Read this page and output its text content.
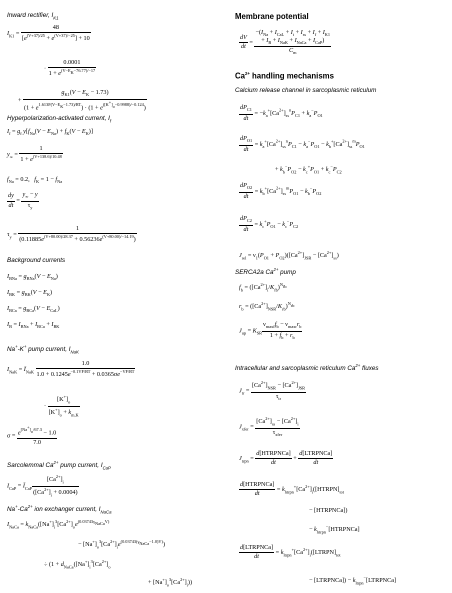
Inward rectifier, $I_{K1}$
$I_{K1} = \frac{48}{[e^{(V+37)/25} + e^{(V+37)/-25}] + 10}$
· $\frac{0.0001}{1 + e^{(V-E_K-76.77)/-17}}$
+ $\frac{g_{K1}(V - E_K - 1.73)}{(1 + e^{1.613F(V-E_K-1.73)/RT}) \cdot (1 + e^{([K^+]_o-0.9988)/-0.124})}$
Hyperpolarization-activated current, $I_f$
$I_f = g_f$ $y[f_{Na}(V - E_{Na}) + f_K(V - E_K)]$
$y_\infty = \frac{1}{1 + e^{(V+138.6)/10.48}}$
$f_{Na} = 0.2$,   $f_K = 1 - f_{Na}$
$\frac{dy}{dt} = \frac{y_\infty - y}{\tau_y}$
$\tau_y = \frac{1}{(0.11885e^{(V+80.00)/28.37} + 0.56236e^{(V+80.00)/-14.19})}$
Background currents
$I_{BNa} = g_{BNa}(V - E_{Na})$
$I_{BK} = g_{BK}(V - E_K)$
$I_{BCa} = g_{BCa}(V - E_{CaL})$
$I_B = I_{BNa} + I_{BCa} + I_{BK}$
Na+-K+ pump current, $I_{NaK}$
$I_{NaK}$ = $Ī_{NaK} \frac{1.0}{1.0 + 0.1245e^{-0.1VF/RT} + 0.0365\sigma e^{-VF/RT}}$
· $\frac{[K^+]_o}{[K^+]_o + k_{m,K}}$
$\sigma = \frac{e^{[Na^+]_o/67.3} - 1.0}{7.0}$
Sarcolemmal $Ca^{2+}$ pump current, $I_{CaP}$
$I_{CaP}$ = $Ī_{CaP} \frac{[Ca^{2+}]_i}{([Ca^{2+}]_i + 0.0004)}$
$Na^+-Ca^{2+}$ ion exchanger current, $I_{NaCa}$
$I_{NaCa} = k_{NaCa}([Na^+]_i^3[Ca^{2+}]_oe^{(0.03743\gamma_{NaCa}V)}$
− $[Na^+]_o^3[Ca^{2+}]_ie^{(0.03743(\gamma_{NaCa}-1.0)V)}$)
÷ ($1 + d_{NaCa}([Na^+]_i^3[Ca^{2+}]_o$
+ $[Na^+]_o^3[Ca^{2+}]_i$))
Membrane potential
$\frac{dV}{dt}$ =
$-(I_{Na} + I_{CaL} + I_t + I_{ss} + I_f + I_{K1}$
+ $I_B + I_{NaK} + I_{NaCa} + I_{CaP}$)
$C_m$
$Ca^{2+}$ handling mechanisms
Calcium release channel in sarcoplasmic reticulum
$\frac{dP_{C1}}{dt} = -k_a^+[Ca^{2+}]_{ss}^nP_{C1} + k_a^-P_{O1}$
$\frac{dP_{O1}}{dt} = k_a^+[Ca^{2+}]_{ss}^nP_{C1} - k_a^-P_{O1} - k_b^+[Ca^{2+}]_{ss}^mP_{O1}$
+ $k_b^-P_{O2} - k_c^+P_{O1} + k_c^-P_{C2}$
$\frac{dP_{O2}}{dt} = k_b^+[Ca^{2+}]_{ss}^mP_{O1} - k_b^-P_{O2}$
$\frac{dP_{C2}}{dt} = k_c^+P_{O1} - k_c^-P_{C2}$
$J_{rel} = \nu_1(P_{O1} + P_{O2})([Ca^{2+}]_{JSR} - [Ca^{2+}]_{ss})$
SERCA2a $Ca^{2+}$ pump
$f_b = ([Ca^{2+}]_i/K_{fb})^{N_{fb}}$
$r_b = ([Ca^{2+}]_{NSR}/K_{rb})^{N_{rb}}$
$J_{up} = K_{SR} \frac{\nu_{maxf}f_b - \nu_{maxr}r_b}{1 + f_b + r_b}$
Intracellular and sarcoplasmic reticulum $Ca^{2+}$ fluxes
$J_{tr} = \frac{[Ca^{2+}]_{NSR} - [Ca^{2+}]_{JSR}}{\tau_{tr}}$
$J_{xfer} = \frac{[Ca^{2+}]_{ss} - [Ca^{2+}]_i}{\tau_{xfer}}$
$J_{trpn} = \frac{\text{d[HTRPNCa]}}{dt} + \frac{\text{d[LTRPNCa]}}{dt}$
$\frac{\text{d[HTRPNCa]}}{dt}$ = $k_{htrpn}^+[Ca^{2+}]_i([HTRPN]_{tot}$
− [HTRPNCa])
− $k_{htrpn}^-[HTRPNCa]$
$\frac{\text{d[LTRPNCa]}}{dt}$ = $k_{ltrpn}^+[Ca^{2+}]_i([LTRPN]_{tot}$
− [LTRPNCa]) − $k_{ltrpn}^-[LTRPNCa]$
